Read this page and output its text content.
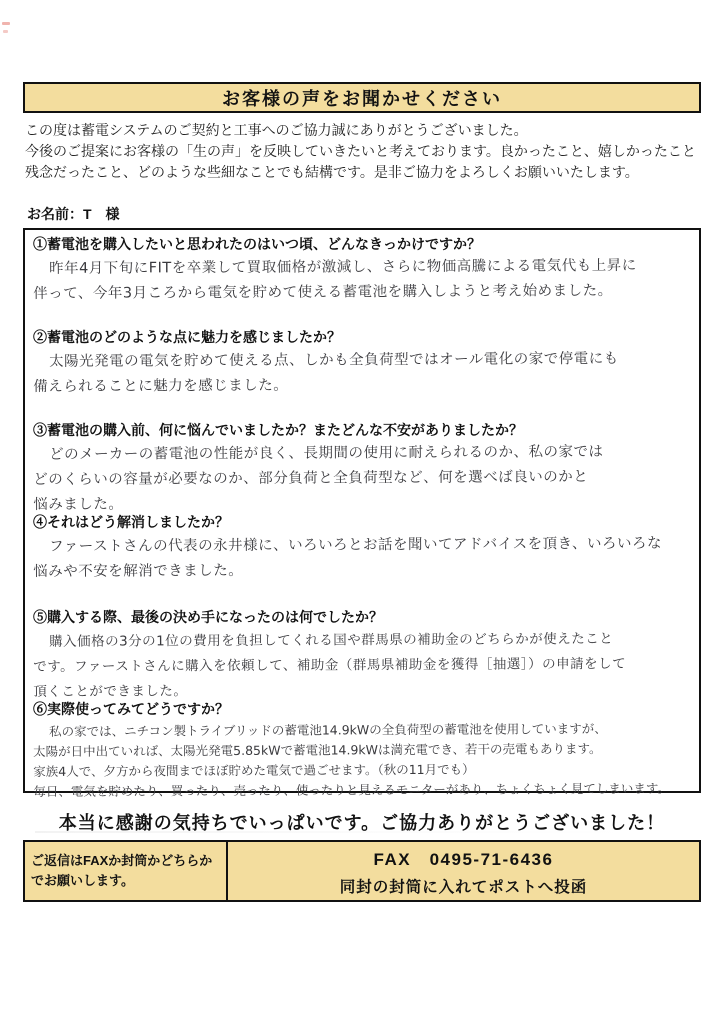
お客様の声をお聞かせください
この度は蓄電システムのご契約と工事へのご協力誠にありがとうございました。
今後のご提案にお客様の「生の声」を反映していきたいと考えております。良かったこと、嬉しかったこと
残念だったこと、どのような些細なことでも結構です。是非ご協力をよろしくお願いいたします。
お名前：T　様
①蓄電池を購入したいと思われたのはいつ頃、どんなきっかけですか？
昨年4月下旬にFITを卒業して買取価格が激減し、さらに物価高騰による電気代も上昇に
伴って、今年3月ころから電気を貯めて使える蓄電池を購入しようと考え始めました。
②蓄電池のどのような点に魅力を感じましたか？
太陽光発電の電気を貯めて使える点、しかも全負荷型ではオール電化の家で停電にも
備えられることに魅力を感じました。
③蓄電池の購入前、何に悩んでいましたか？またどんな不安がありましたか？
どのメーカーの蓄電池の性能が良く、長期間の使用に耐えられるのか、私の家では
どのくらいの容量が必要なのか、部分負荷と全負荷型など、何を選べば良いのかと
悩みました。
④それはどう解消しましたか？
ファーストさんの代表の永井様に、いろいろとお話を聞いてアドバイスを頂き、いろいろな
悩みや不安を解消できました。
⑤購入する際、最後の決め手になったのは何でしたか？
購入価格の3分の1位の費用を負担してくれる国や群馬県の補助金のどちらかが使えたこと
です。ファーストさんに購入を依頼して、補助金（群馬県補助金を獲得［抽選］）の申請をして
頂くことができました。
⑥実際使ってみてどうですか？
私の家では、ニチコン製トライブリッドの蓄電池14.9kWの全負荷型の蓄電池を使用していますが、
太陽が日中出ていれば、太陽光発電5.85kWで蓄電池14.9kWは満充電でき、若干の売電もあります。
家族4人で、夕方から夜間までほぼ貯めた電気で過ごせます。（秋の11月でも）
毎日、電気を貯めたり、買ったり、売ったり、使ったりと見えるモニターがあり、ちょくちょく見てしまいます。
本当に感謝の気持ちでいっぱいです。ご協力ありがとうございました！
ご返信はFAXか封筒かどちらか
でお願いします。
FAX　0495-71-6436
同封の封筒に入れてポストへ投函
